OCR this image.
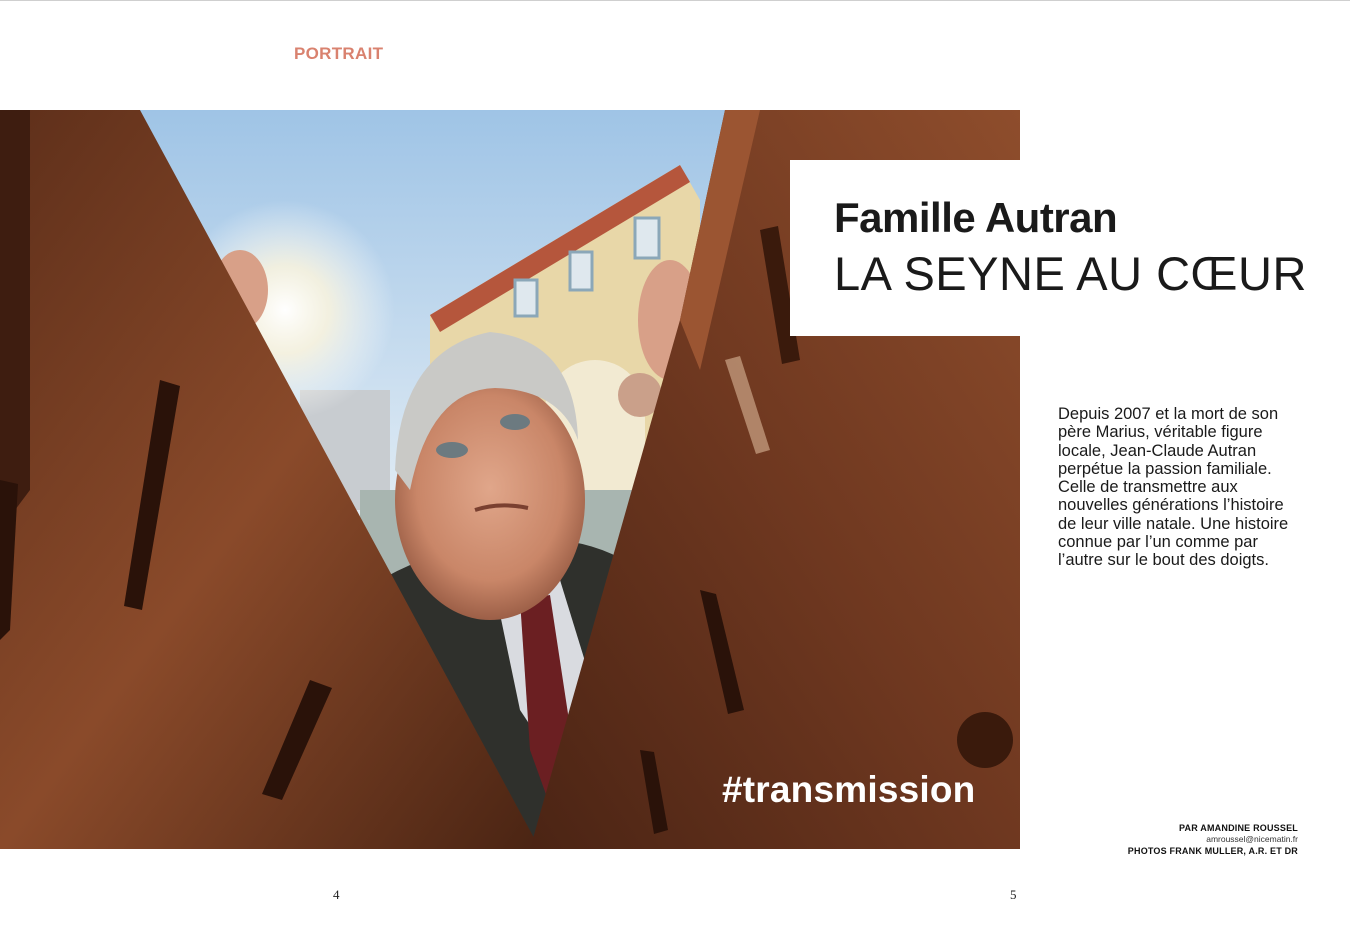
PORTRAIT
#transmission
Famille Autran
LA SEYNE AU CŒUR
Depuis 2007 et la mort de son père Marius, véritable figure locale, Jean-Claude Autran perpétue la passion familiale. Celle de transmettre aux nouvelles générations l’histoire de leur ville natale. Une histoire connue par l’un comme par l’autre sur le bout des doigts.
PAR AMANDINE ROUSSEL
amroussel@nicematin.fr
PHOTOS FRANK MULLER, A.R. ET DR
4	5
